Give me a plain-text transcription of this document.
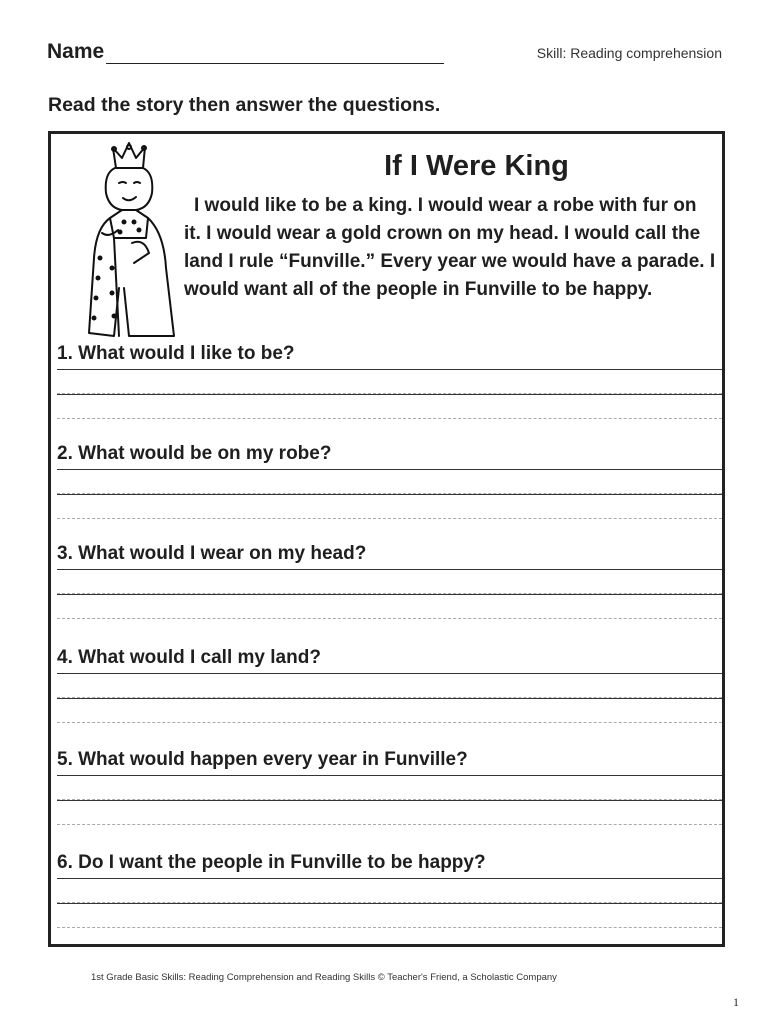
Name	Skill: Reading comprehension
Read the story then answer the questions.
If I Were King
I would like to be a king. I would wear a robe with fur on it. I would wear a gold crown on my head. I would call the land I rule “Funville.” Every year we would have a parade. I would want all of the people in Funville to be happy.
1. What would I like to be?
2. What would be on my robe?
3. What would I wear on my head?
4. What would I call my land?
5. What would happen every year in Funville?
6. Do I want the people in Funville to be happy?
1st Grade Basic Skills: Reading Comprehension and Reading Skills © Teacher's Friend, a Scholastic Company
1
